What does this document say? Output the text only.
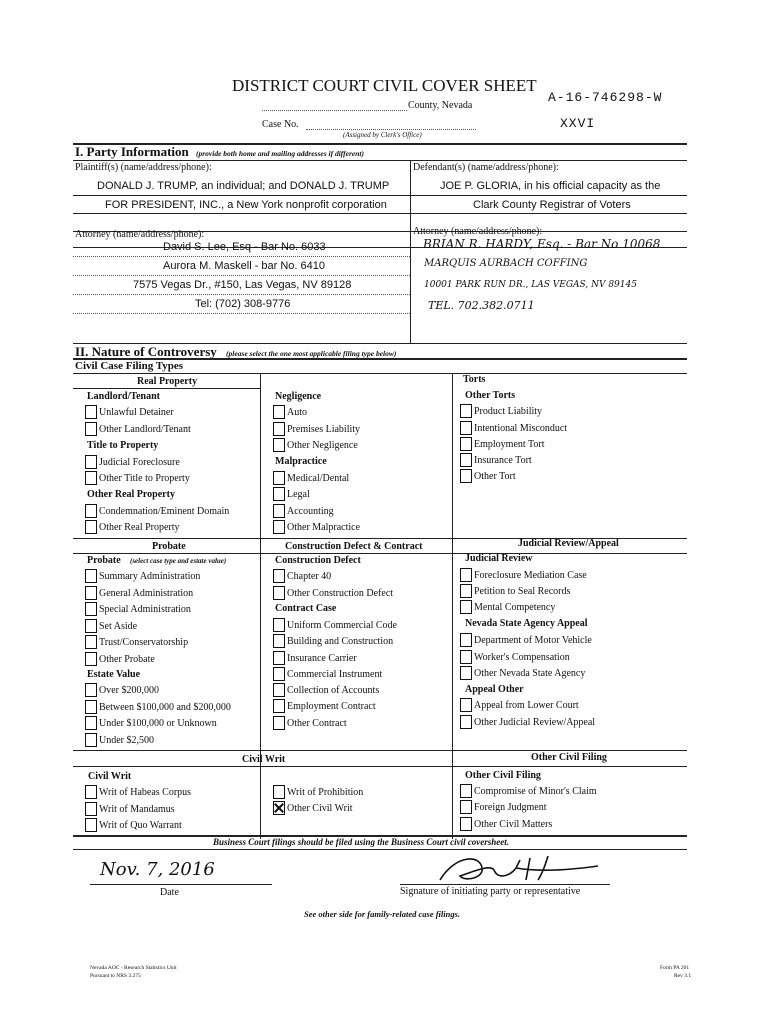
DISTRICT COURT CIVIL COVER SHEET
A-16-746298-W
County, Nevada
Case No.	XXVI
(Assigned by Clerk's Office)
I. Party Information (provide both home and mailing addresses if different)
Plaintiff(s) (name/address/phone):	Defendant(s) (name/address/phone):
DONALD J. TRUMP, an individual; and DONALD J. TRUMP	JOE P. GLORIA, in his official capacity as the
FOR PRESIDENT, INC., a New York nonprofit corporation	Clark County Registrar of Voters
Attorney (name/address/phone):	Attorney (name/address/phone):
David S. Lee, Esq - Bar No. 6033
Aurora M. Maskell - bar No. 6410
7575 Vegas Dr., #150, Las Vegas, NV 89128
Tel: (702) 308-9776
BRIAN R. HARDY, Esq. - Bar No 10068
MARQUIS AURBACH COFFING
10001 PARK RUN DR., LAS VEGAS, NV 89145
TEL. 702.382.0711
II. Nature of Controversy (please select the one most applicable filing type below)
Civil Case Filing Types
Real Property	Torts
Landlord/Tenant
Unlawful Detainer
Other Landlord/Tenant
Title to Property
Judicial Foreclosure
Other Title to Property
Other Real Property
Condemnation/Eminent Domain
Other Real Property
Negligence
Auto
Premises Liability
Other Negligence
Malpractice
Medical/Dental
Legal
Accounting
Other Malpractice
Other Torts
Product Liability
Intentional Misconduct
Employment Tort
Insurance Tort
Other Tort
Probate	Construction Defect & Contract	Judicial Review/Appeal
Probate (select case type and estate value)
Summary Administration
General Administration
Special Administration
Set Aside
Trust/Conservatorship
Other Probate
Estate Value
Over $200,000
Between $100,000 and $200,000
Under $100,000 or Unknown
Under $2,500
Construction Defect
Chapter 40
Other Construction Defect
Contract Case
Uniform Commercial Code
Building and Construction
Insurance Carrier
Commercial Instrument
Collection of Accounts
Employment Contract
Other Contract
Judicial Review
Foreclosure Mediation Case
Petition to Seal Records
Mental Competency
Nevada State Agency Appeal
Department of Motor Vehicle
Worker's Compensation
Other Nevada State Agency
Appeal Other
Appeal from Lower Court
Other Judicial Review/Appeal
Civil Writ	Other Civil Filing
Civil Writ
Writ of Habeas Corpus
Writ of Mandamus
Writ of Quo Warrant
Writ of Prohibition
Other Civil Writ
Other Civil Filing
Compromise of Minor's Claim
Foreign Judgment
Other Civil Matters
Business Court filings should be filed using the Business Court civil coversheet.
Nov. 7, 2016
Date	Signature of initiating party or representative
See other side for family-related case filings.
Nevada AOC - Research Statistics Unit
Pursuant to NRS 3.275
Form PA 201
Rev 3.1
